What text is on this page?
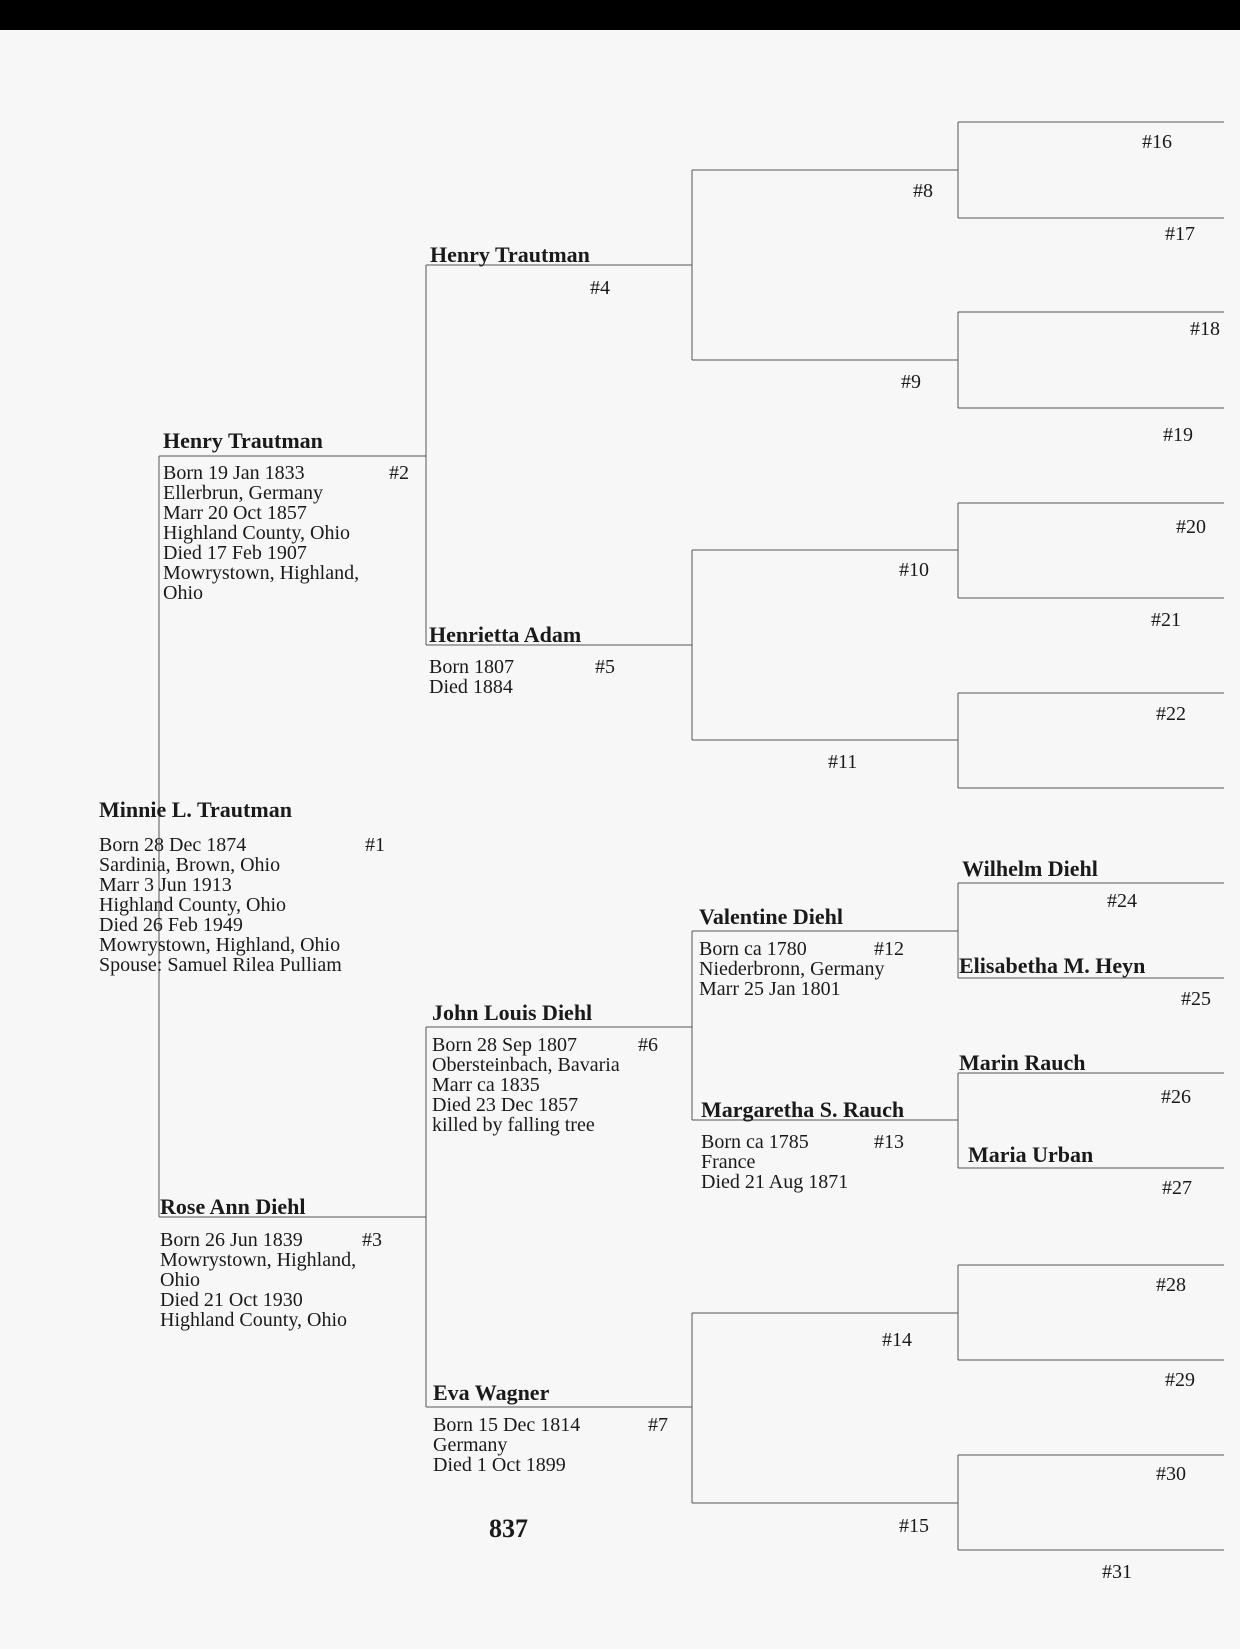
Minnie L. Trautman
#1
Born 28 Dec 1874
Sardinia, Brown, Ohio
Marr 3 Jun 1913
Highland County, Ohio
Died 26 Feb 1949
Mowrystown, Highland, Ohio
Spouse: Samuel Rilea Pulliam
Henry Trautman
#2
Born 19 Jan 1833
Ellerbrun, Germany
Marr 20 Oct 1857
Highland County, Ohio
Died 17 Feb 1907
Mowrystown, Highland,
Ohio
Rose Ann Diehl
#3
Born 26 Jun 1839
Mowrystown, Highland,
Ohio
Died 21 Oct 1930
Highland County, Ohio
Henry Trautman
#4
Henrietta Adam
#5
Born 1807
Died 1884
John Louis Diehl
#6
Born 28 Sep 1807
Obersteinbach, Bavaria
Marr ca 1835
Died 23 Dec 1857
killed by falling tree
Eva Wagner
#7
Born 15 Dec 1814
Germany
Died 1 Oct 1899
#8
#9
#10
#11
Valentine Diehl
#12
Born ca 1780
Niederbronn, Germany
Marr 25 Jan 1801
Margaretha S. Rauch
#13
Born ca 1785
France
Died 21 Aug 1871
#14
#15
#16
#17
#18
#19
#20
#21
#22
Wilhelm Diehl
#24
Elisabetha M. Heyn
#25
Marin Rauch
#26
Maria Urban
#27
#28
#29
#30
#31
837
